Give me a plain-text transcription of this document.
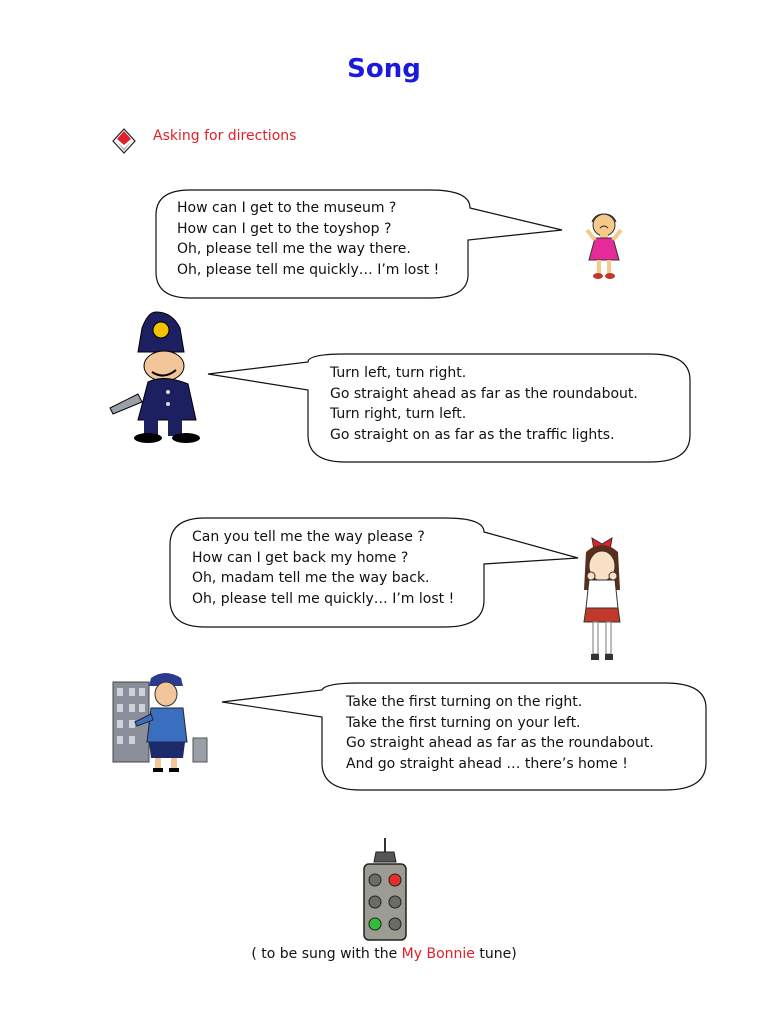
Song
Asking for directions
How can I get to the museum ?
How can I get to the toyshop ?
Oh, please tell me the way there.
Oh, please tell me quickly… I’m lost !
Turn left, turn right.
Go straight ahead as far as the roundabout.
Turn right, turn left.
Go straight on as far as the traffic lights.
Can you tell me the way please ?
How can I get back my home ?
Oh, madam tell me the way back.
Oh, please tell me quickly… I’m lost !
Take the first turning on the right.
Take the first turning on your left.
Go straight ahead as far as the roundabout.
And go straight ahead … there’s home !
( to be sung with the My Bonnie tune)
